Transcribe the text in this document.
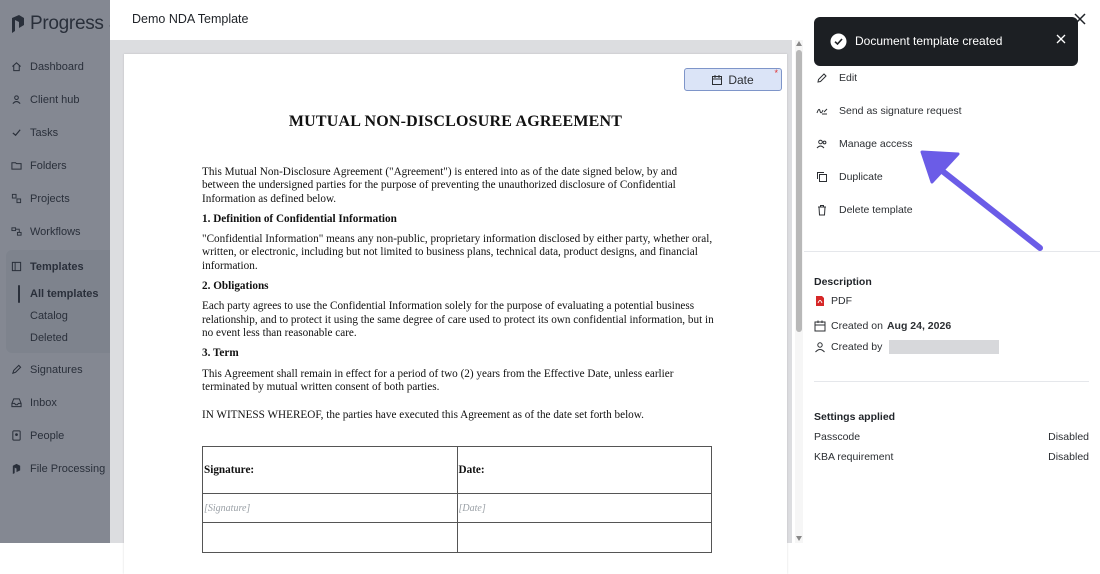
Demo NDA Template
Date *
MUTUAL NON-DISCLOSURE AGREEMENT

This Mutual Non-Disclosure Agreement ("Agreement") is entered into as of the date signed below, by and between the undersigned parties for the purpose of preventing the unauthorized disclosure of Confidential Information as defined below.

1. Definition of Confidential Information

"Confidential Information" means any non-public, proprietary information disclosed by either party, whether oral, written, or electronic, including but not limited to business plans, technical data, product designs, and financial information.

2. Obligations

Each party agrees to use the Confidential Information solely for the purpose of evaluating a potential business relationship, and to protect it using the same degree of care used to protect its own confidential information, but in no event less than reasonable care.

3. Term

This Agreement shall remain in effect for a period of two (2) years from the Effective Date, unless earlier terminated by mutual written consent of both parties.

IN WITNESS WHEREOF, the parties have executed this Agreement as of the date set forth below.

Signature:	Date:
[Signature]	[Date]

Edit
Send as signature request
Manage access
Duplicate
Delete template
Description
PDF
Created on Aug 24, 2026
Created by
Settings applied
Passcode	Disabled
KBA requirement	Disabled
Document template created
